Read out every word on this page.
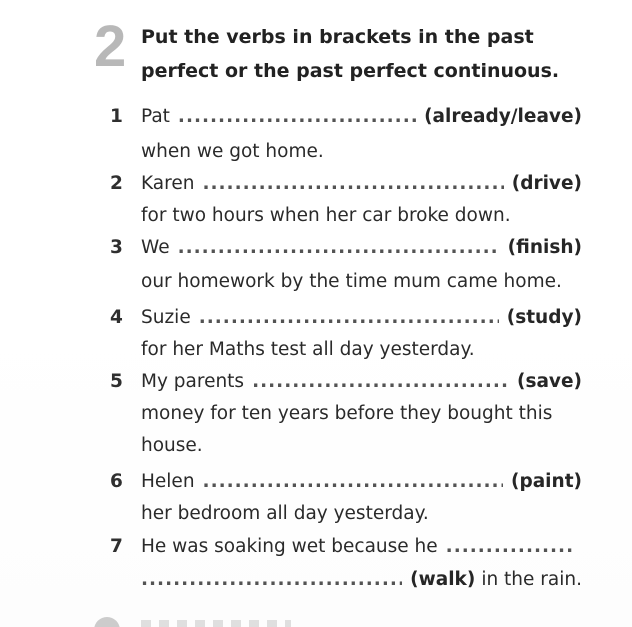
2 Put the verbs in brackets in the past perfect or the past perfect continuous.
1 Pat .....	(already/leave)
when we got home.
2 Karen .....	(drive)
for two hours when her car broke down.
3 We .....	(finish)
our homework by the time mum came home.
4 Suzie .....	(study)
for her Maths test all day yesterday.
5 My parents .....	(save)
money for ten years before they bought this
house.
6 Helen .....	(paint)
her bedroom all day yesterday.
7 He was soaking wet because he
.....
.....
(walk) in the rain.
